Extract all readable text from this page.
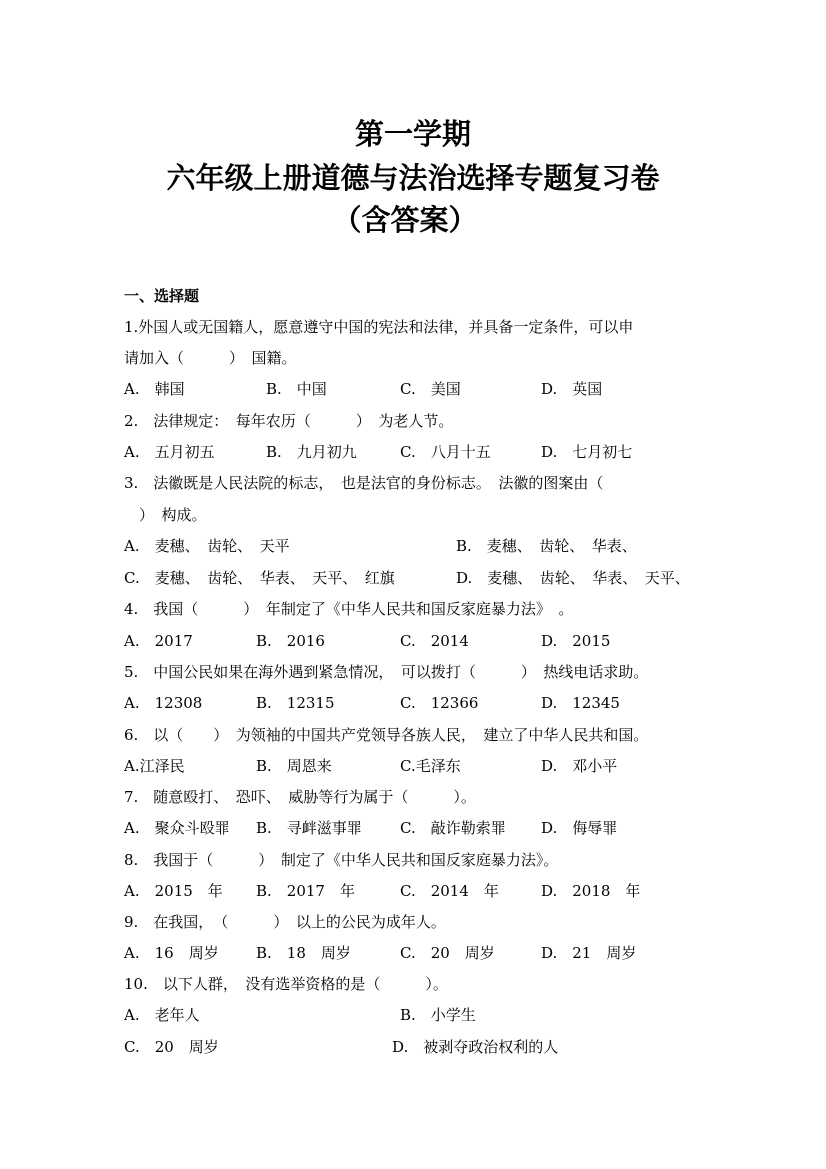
第一学期
六年级上册道德与法治选择专题复习卷
（含答案）
一、选择题
1.外国人或无国籍人，愿意遵守中国的宪法和法律，并具备一定条件，可以申
请加入（　　　）　国籍。
A.　韩国	B.　中国	C.　美国	D.　英国
2.　法律规定：　每年农历（　　　）　为老人节。
A.　五月初五	B.　九月初九	C.　八月十五	D.　七月初七
3.　法徽既是人民法院的标志，　也是法官的身份标志。　法徽的图案由（
　）　构成。
A.　麦穗、　齿轮、　天平	B.　麦穗、　齿轮、　华表、
C.　麦穗、　齿轮、　华表、　天平、　红旗	D.　麦穗、　齿轮、　华表、　天平、
4.　我国（　　　）　年制定了《中华人民共和国反家庭暴力法》　。
A.　2017	B.　2016	C.　2014	D.　2015
5.　中国公民如果在海外遇到紧急情况，　可以拨打（　　　）　热线电话求助。
A.　12308	B.　12315	C.　12366	D.　12345
6.　以（　　）　为领袖的中国共产党领导各族人民，　建立了中华人民共和国。
A.江泽民	B.　周恩来	C.毛泽东	D.　邓小平
7.　随意殴打、　恐吓、　威胁等行为属于（　　　）。
A.　聚众斗殴罪 B.　寻衅滋事罪	C.　敲诈勒索罪 D.　侮辱罪
8.　我国于（　　　）　制定了《中华人民共和国反家庭暴力法》。
A.　2015　年 B.　2017　年	C.　2014　年	D.　2018　年
9.　在我国，　（　　　）　以上的公民为成年人。
A.　16　周岁 B.　18　周岁	C.　20　周岁	D.　21　周岁
10.　以下人群，　没有选举资格的是（　　　）。
A.　老年人	B.　小学生
C.　20　周岁	D.　被剥夺政治权利的人
